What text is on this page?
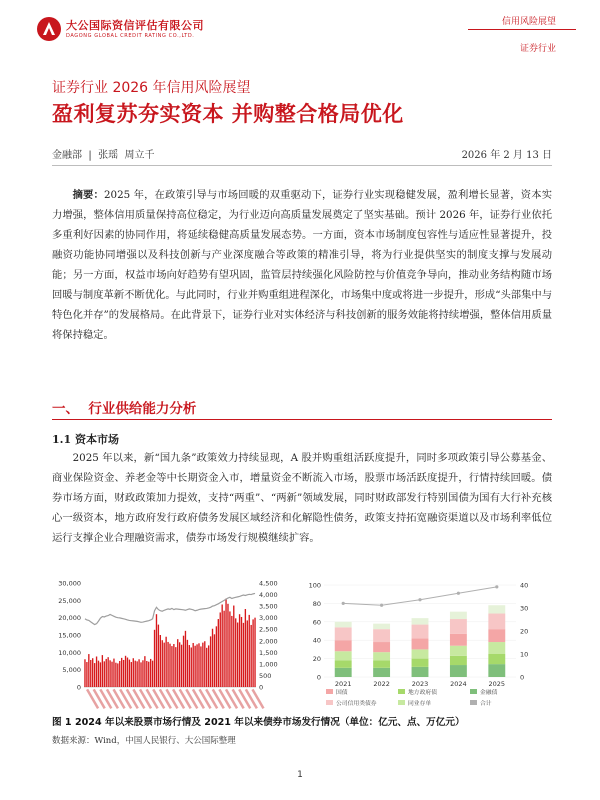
大公国际资信评估有限公司
DAGONG GLOBAL CREDIT RATING CO.,LTD.
信用风险展望
证券行业
证券行业 2026 年信用风险展望
盈利复苏夯实资本 并购整合格局优化
金融部  |  张瑶  周立千	2026 年 2 月 13 日
摘要：2025 年，在政策引导与市场回暖的双重驱动下，证券行业实现稳健发展，盈利增长显著，资本实力增强，整体信用质量保持高位稳定，为行业迈向高质量发展奠定了坚实基础。预计 2026 年，证券行业依托多重利好因素的协同作用，将延续稳健高质量发展态势。一方面，资本市场制度包容性与适应性显著提升，投融资功能协同增强以及科技创新与产业深度融合等政策的精准引导，将为行业提供坚实的制度支撑与发展动能；另一方面，权益市场向好趋势有望巩固，监管层持续强化风险防控与价值竞争导向，推动业务结构随市场回暖与制度革新不断优化。与此同时，行业并购重组进程深化，市场集中度或将进一步提升，形成“头部集中与特色化并存”的发展格局。在此背景下，证券行业对实体经济与科技创新的服务效能将持续增强，整体信用质量将保持稳定。
一、  行业供给能力分析
1.1 资本市场
2025 年以来，新“国九条”政策效力持续显现，A 股并购重组活跃度提升，同时多项政策引导公募基金、商业保险资金、养老金等中长期资金入市，增量资金不断流入市场，股票市场活跃度提升，行情持续回暖。债券市场方面，财政政策加力提效，支持“两重”、“两新”领域发展，同时财政部发行特别国债为国有大行补充核心一级资本，地方政府发行政府债务发展区域经济和化解隐性债务，政策支持拓宽融资渠道以及市场利率低位运行支撑企业合理融资需求，债券市场发行规模继续扩容。
30,000
25,000
20,000
15,000
10,000
5,000
0
4,500
4,000
3,500
3,000
2,500
2,000
1,500
1,000
500
0
100
80
60
40
20
0
40
30
20
10
0
2021	2022	2023	2024	2025
国债	地方政府债	金融债
公司信用类债券	同业存单	合计
图 1 2024 年以来股票市场行情及 2021 年以来债券市场发行情况（单位：亿元、点、万亿元）
数据来源：Wind，中国人民银行、大公国际整理
1
